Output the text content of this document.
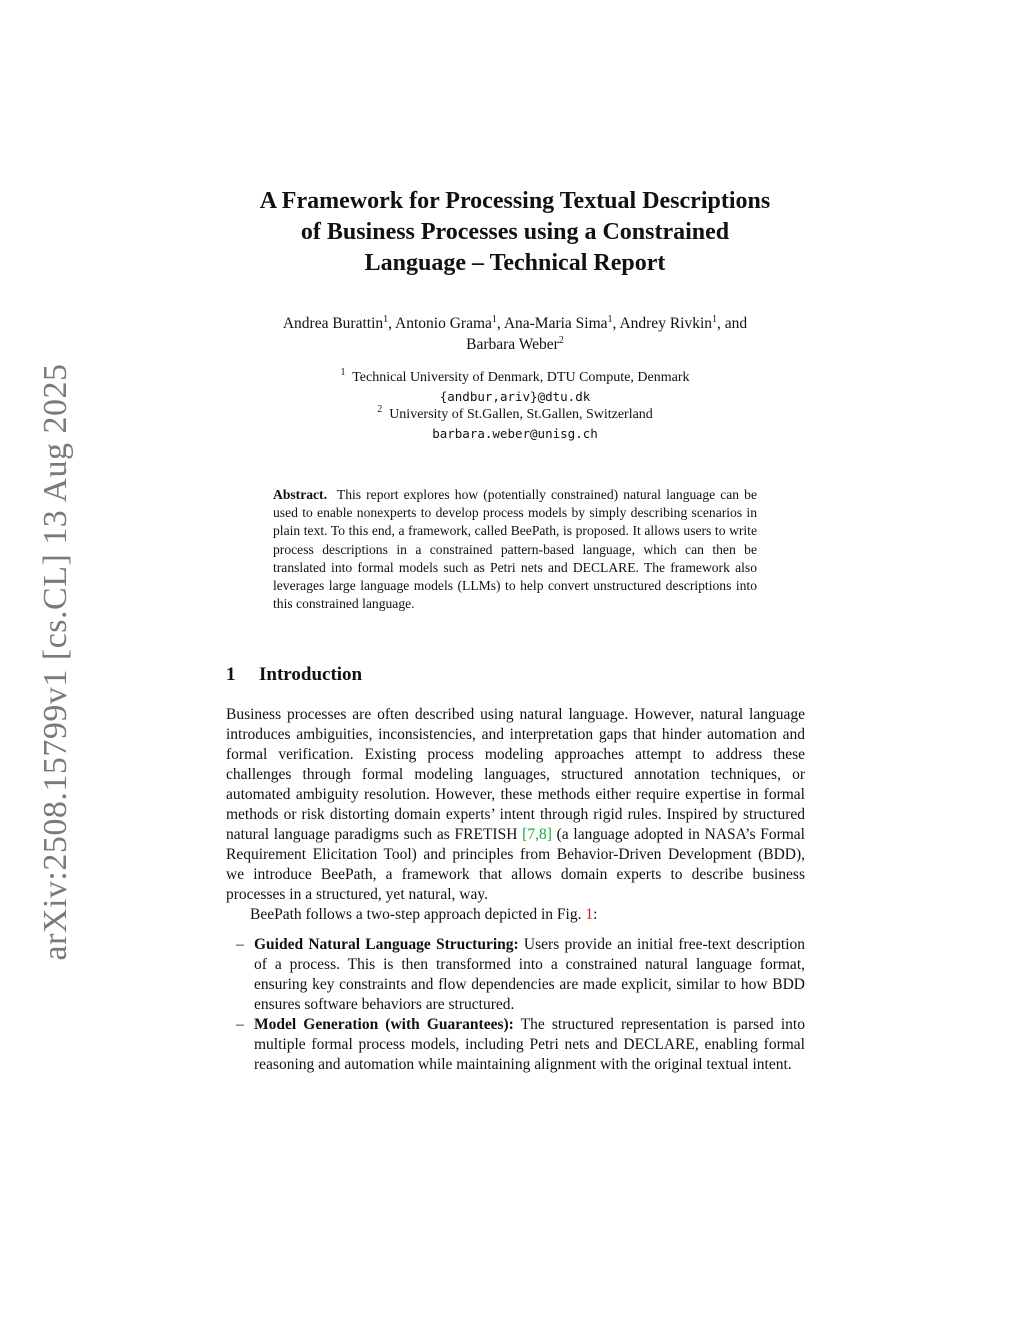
arXiv:2508.15799v1 [cs.CL] 13 Aug 2025
A Framework for Processing Textual Descriptions
of Business Processes using a Constrained
Language – Technical Report
Andrea Burattin$^1$, Antonio Grama$^1$, Ana-Maria Sima$^1$, Andrey Rivkin$^1$, and
Barbara Weber$^2$
$^1$ Technical University of Denmark, DTU Compute, Denmark
{andbur,ariv}@dtu.dk
$^2$ University of St.Gallen, St.Gallen, Switzerland
barbara.weber@unisg.ch
Abstract. This report explores how (potentially constrained) natural language can be used to enable nonexperts to develop process models by simply describing scenarios in plain text. To this end, a framework, called BeePath, is proposed. It allows users to write process descriptions in a constrained pattern-based language, which can then be translated into formal models such as Petri nets and DECLARE. The framework also leverages large language models (LLMs) to help convert unstructured descriptions into this constrained language.
1 Introduction

Business processes are often described using natural language. However, natural language introduces ambiguities, inconsistencies, and interpretation gaps that hinder automation and formal verification. Existing process modeling approaches attempt to address these challenges through formal modeling languages, structured annotation techniques, or automated ambiguity resolution. However, these methods either require expertise in formal methods or risk distorting domain experts’ intent through rigid rules. Inspired by structured natural language paradigms such as FRETISH [7,8] (a language adopted in NASA’s Formal Requirement Elicitation Tool) and principles from Behavior-Driven Development (BDD), we introduce BeePath, a framework that allows domain experts to describe business processes in a structured, yet natural, way.

BeePath follows a two-step approach depicted in Fig. 1:

– Guided Natural Language Structuring: Users provide an initial free-text description of a process. This is then transformed into a constrained natural language format, ensuring key constraints and flow dependencies are made explicit, similar to how BDD ensures software behaviors are structured.
– Model Generation (with Guarantees): The structured representation is parsed into multiple formal process models, including Petri nets and DECLARE, enabling formal reasoning and automation while maintaining alignment with the original textual intent.
